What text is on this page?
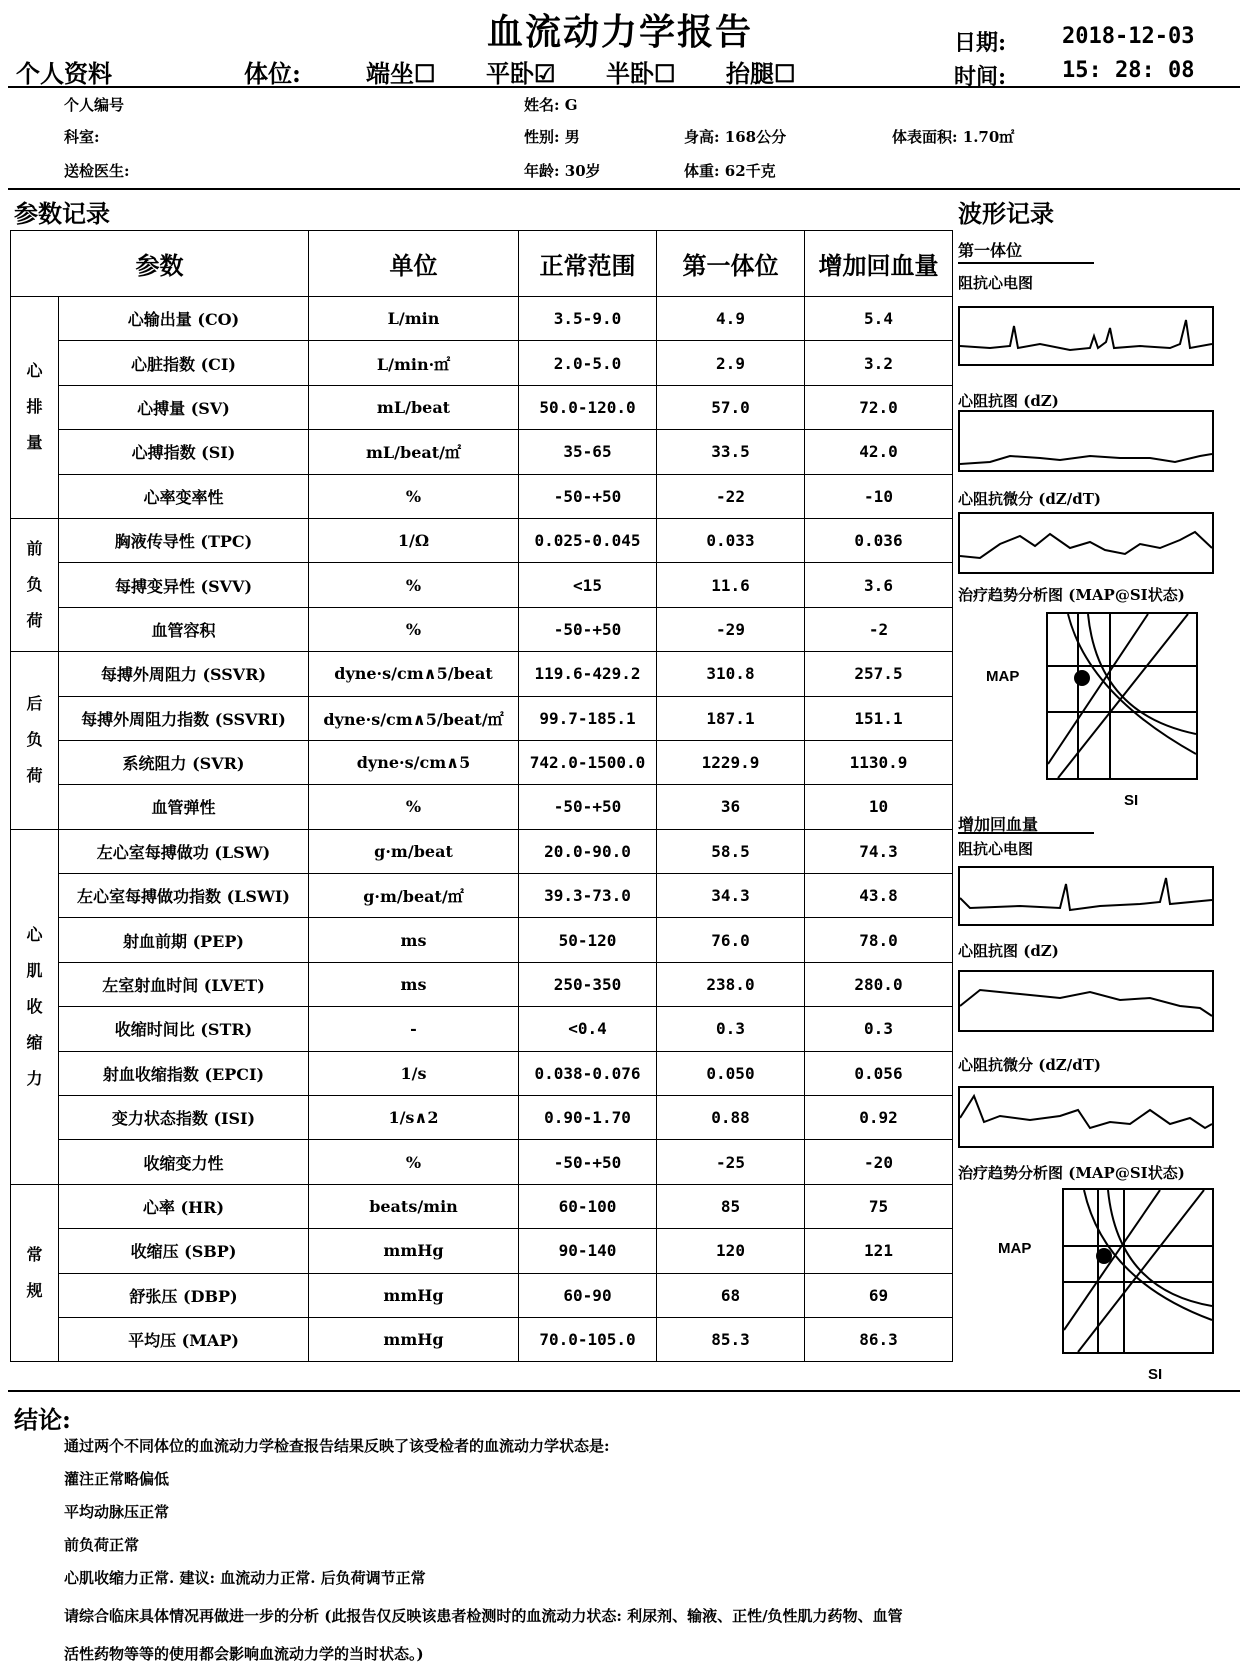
血流动力学报告	日期:	2018-12-03
时间:	15: 28: 08
个人资料	体位:	端坐☐ 平卧☑ 半卧☐ 抬腿☐
个人编号
科室:
送检医生:
姓名: G
性别: 男
年龄: 30岁
身高: 168公分
体重: 62千克
体表面积: 1.70㎡
参数记录	波形记录
参数	单位	正常范围	第一体位	增加回血量
心
排
量	心输出量 (CO)	L/min	3.5-9.0	4.9	5.4
心脏指数 (CI)	L/min·㎡	2.0-5.0	2.9	3.2
心搏量 (SV)	mL/beat	50.0-120.0	57.0	72.0
心搏指数 (SI)	mL/beat/㎡	35-65	33.5	42.0
心率变率性	%	-50-+50	-22	-10
前
负
荷	胸液传导性 (TPC)	1/Ω	0.025-0.045	0.033	0.036
每搏变异性 (SVV)	%	<15	11.6	3.6
血管容积	%	-50-+50	-29	-2
后
负
荷	每搏外周阻力 (SSVR)	dyne·s/cm∧5/beat	119.6-429.2	310.8	257.5
每搏外周阻力指数 (SSVRI)	dyne·s/cm∧5/beat/㎡	99.7-185.1	187.1	151.1
系统阻力 (SVR)	dyne·s/cm∧5	742.0-1500.0	1229.9	1130.9
血管弹性	%	-50-+50	36	10
心
肌
收
缩
力	左心室每搏做功 (LSW)	g·m/beat	20.0-90.0	58.5	74.3
左心室每搏做功指数 (LSWI)	g·m/beat/㎡	39.3-73.0	34.3	43.8
射血前期 (PEP)	ms	50-120	76.0	78.0
左室射血时间 (LVET)	ms	250-350	238.0	280.0
收缩时间比 (STR)	-	<0.4	0.3	0.3
射血收缩指数 (EPCI)	1/s	0.038-0.076	0.050	0.056
变力状态指数 (ISI)	1/s∧2	0.90-1.70	0.88	0.92
收缩变力性	%	-50-+50	-25	-20
常
规	心率 (HR)	beats/min	60-100	85	75
收缩压 (SBP)	mmHg	90-140	120	121
舒张压 (DBP)	mmHg	60-90	68	69
平均压 (MAP)	mmHg	70.0-105.0	85.3	86.3
第一体位
阻抗心电图
心阻抗图 (dZ)
心阻抗微分 (dZ/dT)
治疗趋势分析图 (MAP@SI状态)
MAP
SI
增加回血量
阻抗心电图
心阻抗图 (dZ)
心阻抗微分 (dZ/dT)
治疗趋势分析图 (MAP@SI状态)
MAP
SI
结论:
通过两个不同体位的血流动力学检查报告结果反映了该受检者的血流动力学状态是:
灌注正常略偏低
平均动脉压正常
前负荷正常
心肌收缩力正常. 建议: 血流动力正常. 后负荷调节正常
请综合临床具体情况再做进一步的分析 (此报告仅反映该患者检测时的血流动力状态: 利尿剂、输液、正性/负性肌力药物、血管
活性药物等等的使用都会影响血流动力学的当时状态。)
